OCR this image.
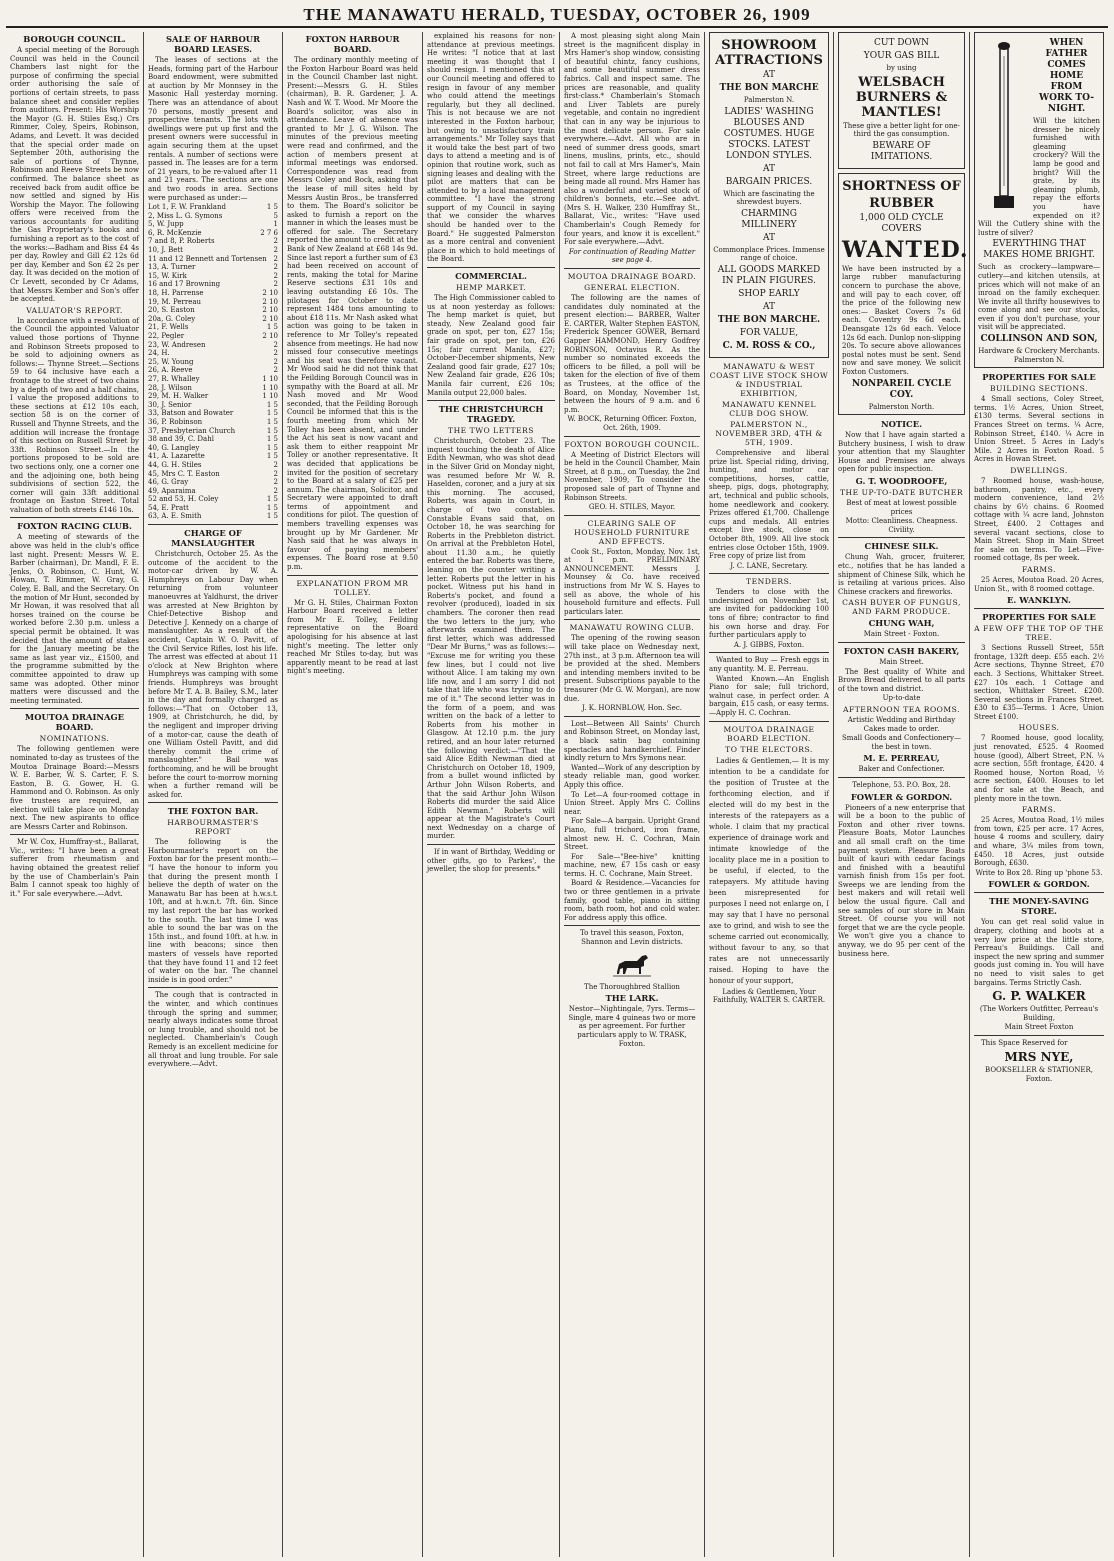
THE MANAWATU HERALD, TUESDAY, OCTOBER 26, 1909
BOROUGH COUNCIL.

A special meeting of the Borough Council was held in the Council Chambers last night for the purpose of confirming the special order authorising the sale of portions of certain streets, to pass balance sheet and consider replies from auditors. Present: His Worship the Mayor (G. H. Stiles Esq.) Crs Rimmer, Coley, Speirs, Robinson, Adams, and Levett. It was decided that the special order made on September 20th, authorising the sale of portions of Thynne, Robinson and Reeve Streets be now confirmed. The balance sheet as received back from audit office be now settled and signed by His Worship the Mayor. The following offers were received from the various accountants for auditing the Gas Proprietary's books and furnishing a report as to the cost of the works:—Badham and Biss £4 4s per day, Rowley and Gill £2 12s 6d per day, Kember and Son £2 2s per day. It was decided on the motion of Cr Levett, seconded by Cr Adams, that Messrs Kember and Son's offer be accepted.

VALUATOR'S REPORT.

In accordance with a resolution of the Council the appointed Valuator valued those portions of Thynne and Robinson Streets proposed to be sold to adjoining owners as follows:— Thynne Street.—Sections 59 to 64 inclusive have each a frontage to the street of two chains by a depth of two and a half chains, I value the proposed additions to these sections at £12 10s each, section 58 is on the corner of Russell and Thynne Streets, and the addition will increase the frontage of this section on Russell Street by 33ft. Robinson Street.—In the portions proposed to be sold are two sections only, one a corner one and the adjoining one, both being subdivisions of section 522, the corner will gain 33ft additional frontage on Easton Street. Total valuation of both streets £146 10s.

FOXTON RACING CLUB.

A meeting of stewards of the above was held in the club's office last night. Present: Messrs W. E. Barber (chairman), Dr. Mandl, F. E. Jenks, O. Robinson, C. Hunt, W. Howan, T. Rimmer, W. Gray, G. Coley, E. Ball, and the Secretary. On the motion of Mr Hunt, seconded by Mr Howan, it was resolved that all horses trained on the course be worked before 2.30 p.m. unless a special permit be obtained. It was decided that the amount of stakes for the January meeting be the same as last year viz., £1500, and the programme submitted by the committee appointed to draw up same was adopted. Other minor matters were discussed and the meeting terminated.

MOUTOA DRAINAGE BOARD.
NOMINATIONS.

The following gentlemen were nominated to-day as trustees of the Moutoa Drainage Board:—Messrs W. E. Barber, W. S. Carter, F. S. Easton, B. G. Gower, H. G. Hammond and O. Robinson. As only five trustees are required, an election will take place on Monday next. The new aspirants to office are Messrs Carter and Robinson.

Mr W. Cox, Humffray-st., Ballarat, Vic., writes: "I have been a great sufferer from rheumatism and having obtained the greatest relief by the use of Chamberlain's Pain Balm I cannot speak too highly of it." For sale everywhere.—Advt.

SALE OF HARBOUR BOARD LEASES.

The leases of sections at the Heads, forming part of the Harbour Board endowment, were submitted at auction by Mr Monnsey in the Masonic Hall yesterday morning. There was an attendance of about 70 persons, mostly present and prospective tenants. The lots with dwellings were put up first and the present owners were successful in again securing them at the upset rentals. A number of sections were passed in. The leases are for a term of 21 years, to be re-valued after 11 and 21 years. The sections are one and two roods in area. Sections were purchased as under:—

Lot 1, F. W. Frankland	1 5
2, Miss L. G. Symons	5
5, W. Jupp	1
6, R. McKenzie	2 7 6
7 and 8, P. Roberts	2
10, J. Bett	2
11 and 12 Bennett and Tortensen 2
13, A. Turner	2
15, W. Kirk	2
16 and 17 Browning	2
18, H. Parrense	2 10
19, M. Perreau	2 10
20, S. Easton	2 10
20a, G. Coley	2 10
21, F. Wells	1 5
22, Pegler	2 10
23, W. Andresen	2
24, H.	2
25, W. Young	2
26, A. Reeve	2
27, R. Whalley	1 10
28, J. Wilson	1 10
29, M. H. Walker	1 10
30, J. Senior	1 5
33, Batson and Bowater	1 5
36, P. Robinson	1 5
37, Presbyterian Church	1 5
38 and 39, C. Dahl	1 5
40, G. Langley	1 5
41, A. Lazarette	1 5
44, G. H. Stiles	2
45, Mrs C. T. Easton	2
46, G. Gray	2
49, Aparaima	2
52 and 53, H. Coley	1 5
54, E. Pratt	1 5
63, A. E. Smith	1 5
CHARGE OF MANSLAUGHTER

Christchurch, October 25. As the outcome of the accident to the motor-car driven by W. A. Humphreys on Labour Day when returning from volunteer manoeuvres at Yaldhurst, the driver was arrested at New Brighton by Chief-Detective Bishop and Detective J. Kennedy on a charge of manslaughter. As a result of the accident, Captain W. O. Pavitt, of the Civil Service Rifles, lost his life. The arrest was effected at about 11 o'clock at New Brighton where Humphreys was camping with some friends. Humphreys was brought before Mr T. A. B. Bailey, S.M., later in the day and formally charged as follows:—"That on October 13, 1909, at Christchurch, he did, by the negligent and improper driving of a motor-car, cause the death of one William Ostell Pavitt, and did thereby commit the crime of manslaughter." Bail was forthcoming, and he will be brought before the court to-morrow morning when a further remand will be asked for.

THE FOXTON BAR.
HARBOURMASTER'S REPORT

The following is the Harbourmaster's report on the Foxton bar for the present month:— "I have the honour to inform you that during the present month I believe the depth of water on the Manawatu Bar has been at h.w.s.t. 10ft, and at h.w.n.t. 7ft. 6in. Since my last report the bar has worked to the south. The last time I was able to sound the bar was on the 15th inst., and found 10ft. at h.w. in line with beacons; since then masters of vessels have reported that they have found 11 and 12 feet of water on the bar. The channel inside is in good order."

The cough that is contracted in the winter, and which continues through the spring and summer, nearly always indicates some throat or lung trouble, and should not be neglected. Chamberlain's Cough Remedy is an excellent medicine for all throat and lung trouble. For sale everywhere.—Advt.

FOXTON HARBOUR BOARD.

The ordinary monthly meeting of the Foxton Harbour Board was held in the Council Chamber last night. Present:—Messrs G. H. Stiles (chairman), B. R. Gardener, J. A. Nash and W. T. Wood. Mr Moore the Board's solicitor, was also in attendance. Leave of absence was granted to Mr J. G. Wilson. The minutes of the previous meeting were read and confirmed, and the action of members present at informal meetings was endorsed. Correspondence was read from Messrs Coley and Bock, asking that the lease of mill sites held by Messrs Austin Bros., be transferred to them. The Board's solicitor be asked to furnish a report on the manner in which the leases must be offered for sale. The Secretary reported the amount to credit at the Bank of New Zealand at £68 14s 9d. Since last report a further sum of £3 had been received on account of rents, making the total for Marine Reserve sections £31 10s and leaving outstanding £6 10s. The pilotages for October to date represent 1484 tons amounting to about £18 11s. Mr Nash asked what action was going to be taken in reference to Mr Tolley's repeated absence from meetings. He had now missed four consecutive meetings and his seat was therefore vacant. Mr Wood said he did not think that the Feilding Borough Council was in sympathy with the Board at all. Mr Nash moved and Mr Wood seconded, that the Feilding Borough Council be informed that this is the fourth meeting from which Mr Tolley has been absent, and under the Act his seat is now vacant and ask them to either reappoint Mr Tolley or another representative. It was decided that applications be invited for the position of secretary to the Board at a salary of £25 per annum. The chairman, Solicitor, and Secretary were appointed to draft terms of appointment and conditions for pilot. The question of members travelling expenses was brought up by Mr Gardener. Mr Nash said that he was always in favour of paying members' expenses. The Board rose at 9.50 p.m.

EXPLANATION FROM MR TOLLEY.

Mr G. H. Stiles, Chairman Foxton Harbour Board received a letter from Mr E. Tolley, Feilding representative on the Board apologising for his absence at last night's meeting. The letter only reached Mr Stiles to-day, but was apparently meant to be read at last night's meeting.

explained his reasons for non-attendance at previous meetings. He writes: "I notice that at last meeting it was thought that I should resign. I mentioned this at our Council meeting and offered to resign in favour of any member who could attend the meetings regularly, but they all declined. This is not because we are not interested in the Foxton harbour, but owing to unsatisfactory train arrangements." Mr Tolley says that it would take the best part of two days to attend a meeting and is of opinion that routine work, such as signing leases and dealing with the pilot are matters that can be attended to by a local management committee. "I have the strong support of my Council in saying that we consider the wharves should be handed over to the Board." He suggested Palmerston as a more central and convenient place in which to hold meetings of the Board.

COMMERCIAL.
HEMP MARKET.

The High Commissioner cabled to us at noon yesterday as follows: The hemp market is quiet, but steady, New Zealand good fair grade on spot, per ton, £27 15s; fair grade on spot, per ton, £26 15s; fair current Manila, £27; October-December shipments, New Zealand good fair grade, £27 10s; New Zealand fair grade, £26 10s; Manila fair current, £26 10s; Manila output 22,000 bales.

THE CHRISTCHURCH TRAGEDY.
THE TWO LETTERS

Christchurch, October 23. The inquest touching the death of Alice Edith Newman, who was shot dead in the Silver Grid on Monday night, was resumed before Mr W. R. Haselden, coroner, and a jury at six this morning. The accused, Roberts, was again in Court, in charge of two constables. Constable Evans said that, on October 18, he was searching for Roberts in the Prebbleton district. On arrival at the Prebbleton Hotel, about 11.30 a.m., he quietly entered the bar. Roberts was there, leaning on the counter writing a letter. Roberts put the letter in his pocket. Witness put his hand in Roberts's pocket, and found a revolver (produced), loaded in six chambers. The coroner then read the two letters to the jury, who afterwards examined them. The first letter, which was addressed "Dear Mr Burns," was as follows:— "Excuse me for writing you these few lines, but I could not live without Alice. I am taking my own life now, and I am sorry I did not take that life who was trying to do me of it." The second letter was in the form of a poem, and was written on the back of a letter to Roberts from his mother in Glasgow. At 12.10 p.m. the jury retired, and an hour later returned the following verdict:—"That the said Alice Edith Newman died at Christchurch on October 18, 1909, from a bullet wound inflicted by Arthur John Wilson Roberts, and that the said Arthur John Wilson Roberts did murder the said Alice Edith Newman." Roberts will appear at the Magistrate's Court next Wednesday on a charge of murder.

If in want of Birthday, Wedding or other gifts, go to Parkes', the jeweller, the shop for presents.*

A most pleasing sight along Main street is the magnificent display in Mrs Hamer's shop window, consisting of beautiful chintz, fancy cushions, and some beautiful summer dress fabrics. Call and inspect same. The prices are reasonable, and quality first-class.* Chamberlain's Stomach and Liver Tablets are purely vegetable, and contain no ingredient that can in any way be injurious to the most delicate person. For sale everywhere.—Advt. All who are in need of summer dress goods, smart linens, muslins, prints, etc., should not fail to call at Mrs Hamer's, Main Street, where large reductions are being made all round. Mrs Hamer has also a wonderful and varied stock of children's bonnets, etc.—See advt. (Mrs S. H. Walker, 230 Humffray St., Ballarat, Vic., writes: "Have used Chamberlain's Cough Remedy for four years, and know it is excellent." For sale everywhere.—Advt.

For continuation of Reading Matter see page 4.

MOUTOA DRAINAGE BOARD.
GENERAL ELECTION.

The following are the names of candidates duly nominated at the present election:— BARBER, Walter E. CARTER, Walter Stephen EASTON, Frederick Spencer GOWER, Bernard Gapper HAMMOND, Henry Godfrey ROBINSON, Octavius R. As the number so nominated exceeds the officers to be filled, a poll will be taken for the election of five of them as Trustees, at the office of the Board, on Monday, November 1st, between the hours of 9 a.m. and 6 p.m.

W. BOCK, Returning Officer. Foxton, Oct. 26th, 1909.

FOXTON BOROUGH COUNCIL.

A Meeting of District Electors will be held in the Council Chamber, Main Street, at 8 p.m., on Tuesday, the 2nd November, 1909, To consider the proposed sale of part of Thynne and Robinson Streets.

GEO. H. STILES, Mayor.

CLEARING SALE OF HOUSEHOLD FURNITURE AND EFFECTS.

Cook St., Foxton, Monday, Nov. 1st, at 1 p.m. PRELIMINARY ANNOUNCEMENT. Messrs J. Mounsey & Co. have received instructions from Mr W. S. Hayes to sell as above, the whole of his household furniture and effects. Full particulars later.

MANAWATU ROWING CLUB.

The opening of the rowing season will take place on Wednesday next, 27th inst., at 3 p.m. Afternoon tea will be provided at the shed. Members and intending members invited to be present. Subscriptions payable to the treasurer (Mr G. W. Morgan), are now due.

J. K. HORNBLOW, Hon. Sec.

Lost—Between All Saints' Church and Robinson Street, on Monday last, a black satin bag containing spectacles and handkerchief. Finder kindly return to Mrs Symons near.

Wanted—Work of any description by steady reliable man, good worker. Apply this office.

To Let—A four-roomed cottage in Union Street. Apply Mrs C. Collins near.

For Sale—A bargain. Upright Grand Piano, full trichord, iron frame, almost new. H. C. Cochran, Main Street.

For Sale—"Bee-hive" knitting machine, new, £7 15s cash or easy terms. H. C. Cochrane, Main Street.

Board & Residence.—Vacancies for two or three gentlemen in a private family, good table, piano in sitting room, bath room, hot and cold water. For address apply this office.

To travel this season, Foxton, Shannon and Levin districts.

The Thoroughbred Stallion

THE LARK.

Nestor—Nightingale, 7yrs. Terms—Single, mare 4 guineas two or more as per agreement. For further particulars apply to W. TRASK, Foxton.

SHOWROOM ATTRACTIONS
AT
THE BON MARCHE
Palmerston N.
LADIES' WASHING BLOUSES AND COSTUMES. HUGE STOCKS. LATEST LONDON STYLES.
AT
BARGAIN PRICES.
Which are fascinating the shrewdest buyers.
CHARMING MILLINERY
AT
Commonplace Prices. Immense range of choice.
ALL GOODS MARKED IN PLAIN FIGURES.
SHOP EARLY
AT
THE BON MARCHE.
FOR VALUE,
C. M. ROSS & CO.,
MANAWATU & WEST COAST LIVE STOCK SHOW & INDUSTRIAL EXHIBITION,
MANAWATU KENNEL CLUB DOG SHOW.
PALMERSTON N., NOVEMBER 3RD, 4TH & 5TH, 1909.

Comprehensive and liberal prize list. Special riding, driving, hunting, and motor car competitions, horses, cattle, sheep, pigs, dogs, photography, art, technical and public schools, home needlework and cookery. Prizes offered £1,700. Challenge cups and medals. All entries except live stock, close on October 8th, 1909. All live stock entries close October 15th, 1909. Free copy of prize list from

J. C. LANE, Secretary.

TENDERS.

Tenders to close with the undersigned on November 1st, are invited for paddocking 100 tons of fibre; contractor to find his own horse and dray. For further particulars apply to

A. J. GIBBS, Foxton.

Wanted to Buy — Fresh eggs in any quantity. M. E. Perreau.

Wanted Known.—An English Piano for sale; full trichord, walnut case, in perfect order. A bargain, £15 cash, or easy terms.—Apply H. C. Cochran.

MOUTOA DRAINAGE BOARD ELECTION.
TO THE ELECTORS.

Ladies & Gentlemen,— It is my intention to be a candidate for the position of Trustee at the forthcoming election, and if elected will do my best in the interests of the ratepayers as a whole. I claim that my practical experience of drainage work and intimate knowledge of the locality place me in a position to be useful, if elected, to the ratepayers. My attitude having been misrepresented for purposes I need not enlarge on, I may say that I have no personal axe to grind, and wish to see the scheme carried out economically, without favour to any, so that rates are not unnecessarily raised. Hoping to have the honour of your support,

Ladies & Gentlemen, Your Faithfully, WALTER S. CARTER.

CUT DOWN
YOUR GAS BILL
by using
WELSBACH BURNERS & MANTLES!
These give a better light for one-third the gas consumption.
BEWARE OF IMITATIONS.
SHORTNESS OF
RUBBER
1,000 OLD CYCLE COVERS
WANTED.
We have been instructed by a large rubber manufacturing concern to purchase the above, and will pay to each cover, off the price of the following new ones:— Basket Covers 7s 6d each. Coventry 9s 6d each. Deansgate 12s 6d each. Veloce 12s 6d each. Dunlop non-slipping 20s. To secure above allowances postal notes must be sent. Send now and save money. We solicit Foxton Customers.
NONPAREIL CYCLE COY.
Palmerston North.
NOTICE.

Now that I have again started a Butchery business, I wish to draw your attention that my Slaughter House and Premises are always open for public inspection.

G. T. WOODROOFE,
THE UP-TO-DATE BUTCHER

Best of meat at lowest possible prices

Motto: Cleanliness. Cheapness. Civility.

CHINESE SILK.

Chung Wah, grocer, fruiterer, etc., notifies that he has landed a shipment of Chinese Silk, which he is retailing at various prices. Also Chinese crackers and fireworks.

CASH BUYER OF FUNGUS, AND FARM PRODUCE.
CHUNG WAH,

Main Street - Foxton.

FOXTON CASH BAKERY,

Main Street.

The Best quality of White and Brown Bread delivered to all parts of the town and district.

Up-to-date

AFTERNOON TEA ROOMS.

Artistic Wedding and Birthday Cakes made to order.

Small Goods and Confectionery—the best in town.

M. E. PERREAU,

Baker and Confectioner.

Telephone, 53. P.O. Box, 28.

FOWLER & GORDON.

Pioneers of a new enterprise that will be a boon to the public of Foxton and other river towns. Pleasure Boats, Motor Launches and all small craft on the time payment system. Pleasure Boats built of kauri with cedar facings and finished with a beautiful varnish finish from 15s per foot. Sweeps we are lending from the best makers and will retail well below the usual figure. Call and see samples of our store in Main Street. Of course you will not forget that we are the cycle people. We won't give you a chance to anyway, we do 95 per cent of the business here.

WHEN FATHER COMES HOME FROM WORK TO-NIGHT.
Will the kitchen dresser be nicely furnished with gleaming crockery? Will the lamp be good and bright? Will the grate, by its gleaming plumb, repay the efforts you have expended on it? Will the Cutlery shine with the lustre of silver?
EVERYTHING THAT MAKES HOME BRIGHT.
Such as crockery—lampware—cutlery—and kitchen utensils, at prices which will not make of an inroad on the family exchequer. We invite all thrifty housewives to come along and see our stocks, even if you don't purchase, your visit will be appreciated.
COLLINSON AND SON,
Hardware & Crockery Merchants.
Palmerston N.
PROPERTIES FOR SALE
BUILDING SECTIONS.

4 Small sections, Coley Street, terms. 1½ Acres, Union Street, £130 terms. Several sections in Frances Street on terms. ¼ Acre, Robinson Street, £140. ¼ Acre in Union Street. 5 Acres in Lady's Mile. 2 Acres in Foxton Road. 5 Acres in Howan Street.

DWELLINGS.

7 Roomed house, wash-house, bathroom, pantry, etc., every modern convenience, land 2½ chains by 6½ chains. 6 Roomed cottage with ¼ acre land, Johnston Street, £400. 2 Cottages and several vacant sections, close to Main Street. Shop in Main Street for sale on terms. To Let—Five-roomed cottage, 8s per week.

FARMS.

25 Acres, Moutoa Road. 20 Acres, Union St., with 8 roomed cottage.

E. WANKLYN.
PROPERTIES FOR SALE
A FEW OFF THE TOP OF THE TREE.

3 Sections Russell Street, 55ft frontage, 132ft deep. £55 each. 2½ Acre sections, Thynne Street, £70 each. 3 Sections, Whittaker Street. £27 10s each. 1 Cottage and section, Whittaker Street. £200. Several sections in Frances Street. £30 to £35—Terms. 1 Acre, Union Street £100.

HOUSES.

7 Roomed house, good locality, just renovated, £525. 4 Roomed house (good), Albert Street, P.N. ¼ acre section, 55ft frontage, £420. 4 Roomed house, Norton Road, ½ acre section, £400. Houses to let and for sale at the Beach, and plenty more in the town.

FARMS.

25 Acres, Moutoa Road, 1½ miles from town, £25 per acre. 17 Acres, house 4 rooms and scullery, dairy and whare, 3¼ miles from town, £450. 18 Acres, just outside Borough, £630.

Write to Box 28. Ring up 'phone 53.

FOWLER & GORDON.
THE MONEY-SAVING STORE.

You can get real solid value in drapery, clothing and boots at a very low price at the little store, Perreau's Buildings. Call and inspect the new spring and summer goods just coming in. You will have no need to visit sales to get bargains. Terms Strictly Cash.

G. P. WALKER

(The Workers Outfitter, Perreau's Building,

Main Street Foxton

This Space Reserved for

MRS NYE,

BOOKSELLER & STATIONER,

Foxton.
